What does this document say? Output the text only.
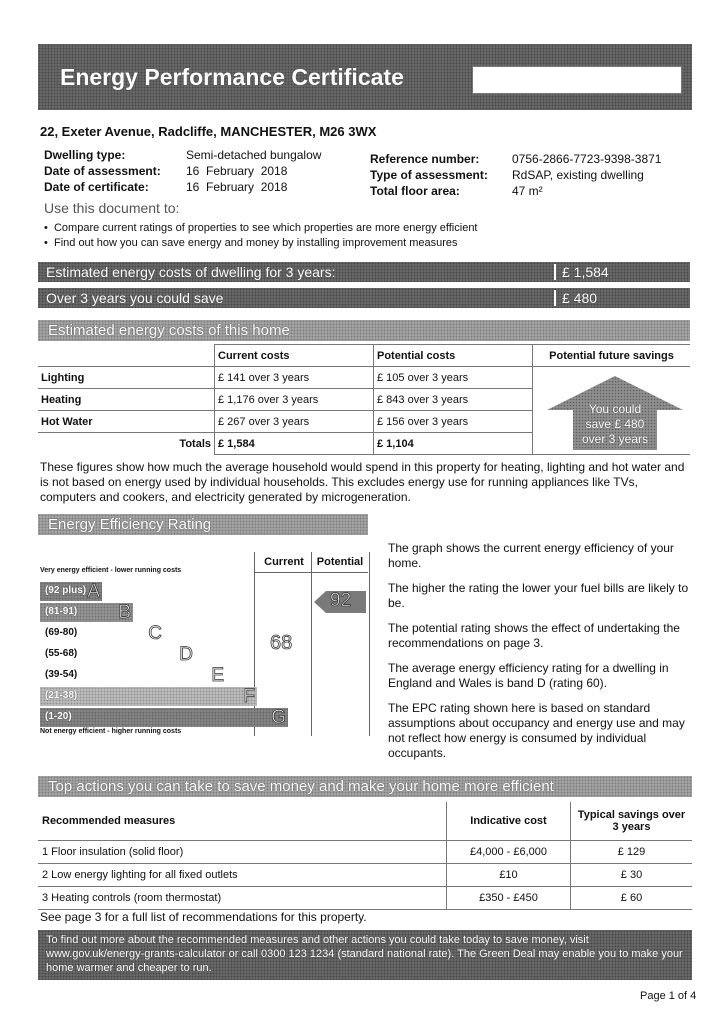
Energy Performance Certificate
22, Exeter Avenue, Radcliffe, MANCHESTER, M26 3WX
Dwelling type:	Semi-detached bungalow
Date of assessment: 16  February  2018
Date of certificate:	16  February  2018
Reference number:	0756-2866-7723-9398-3871
Type of assessment: RdSAP, existing dwelling
Total floor area:	47 m²
Use this document to:
• Compare current ratings of properties to see which properties are more energy efficient
• Find out how you can save energy and money by installing improvement measures
Estimated energy costs of dwelling for 3 years:	£ 1,584
Over 3 years you could save	£ 480
Estimated energy costs of this home
	Current costs	Potential costs	Potential future savings
Lighting	£ 141 over 3 years	£ 105 over 3 years	
Heating	£ 1,176 over 3 years	£ 843 over 3 years	
Hot Water	£ 267 over 3 years	£ 156 over 3 years	
Totals	£ 1,584	£ 1,104	
You could
save £ 480
over 3 years
These figures show how much the average household would spend in this property for heating, lighting and hot water and is not based on energy used by individual households. This excludes energy use for running appliances like TVs, computers and cookers, and electricity generated by microgeneration.
Energy Efficiency Rating
Current	Potential
Very energy efficient - lower running costs
(92 plus) A
(81-91) B
(69-80)	C
(55-68)	D
(39-54)	E
(21-38)	F
(1-20)	G
Not energy efficient - higher running costs
68
92
The graph shows the current energy efficiency of your home.
The higher the rating the lower your fuel bills are likely to be.
The potential rating shows the effect of undertaking the recommendations on page 3.
The average energy efficiency rating for a dwelling in England and Wales is band D (rating 60).
The EPC rating shown here is based on standard assumptions about occupancy and energy use and may not reflect how energy is consumed by individual occupants.
Top actions you can take to save money and make your home more efficient
Recommended measures	Indicative cost	Typical savings over 3 years
1 Floor insulation (solid floor)	£4,000 - £6,000	£ 129
2 Low energy lighting for all fixed outlets	£10	£ 30
3 Heating controls (room thermostat)	£350 - £450	£ 60
See page 3 for a full list of recommendations for this property.
To find out more about the recommended measures and other actions you could take today to save money, visit www.gov.uk/energy-grants-calculator or call 0300 123 1234 (standard national rate). The Green Deal may enable you to make your home warmer and cheaper to run.
Page 1 of 4
